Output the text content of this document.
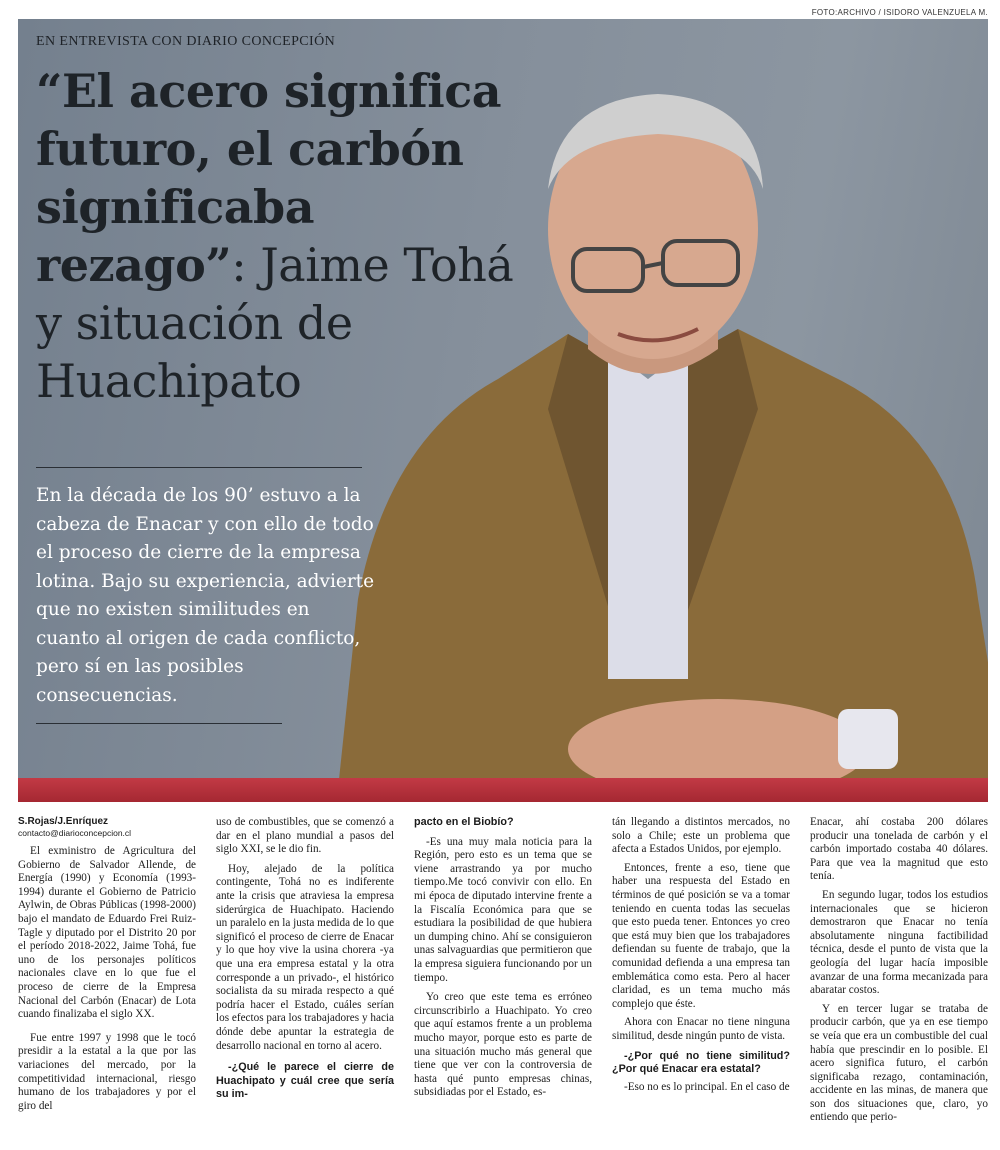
FOTO:ARCHIVO / ISIDORO VALENZUELA M.
EN ENTREVISTA CON DIARIO CONCEPCIÓN
“El acero significa
futuro, el carbón
significaba
rezago”: Jaime Tohá
y situación de
Huachipato
En la década de los 90’ estuvo a la cabeza de Enacar y con ello de todo el proceso de cierre de la empresa lotina. Bajo su experiencia, advierte que no existen similitudes en cuanto al origen de cada conflicto, pero sí en las posibles consecuencias.
S.Rojas/J.Enríquez
contacto@diarioconcepcion.cl

El exministro de Agricultura del Gobierno de Salvador Allende, de Energía (1990) y Economía (1993-1994) durante el Gobierno de Patricio Aylwin, de Obras Públicas (1998-2000) bajo el mandato de Eduardo Frei Ruiz-Tagle y diputado por el Distrito 20 por el período 2018-2022, Jaime Tohá, fue uno de los personajes políticos nacionales clave en lo que fue el proceso de cierre de la Empresa Nacional del Carbón (Enacar) de Lota cuando finalizaba el siglo XX.

Fue entre 1997 y 1998 que le tocó presidir a la estatal a la que por las variaciones del mercado, por la competitividad internacional, riesgo humano de los trabajadores y por el giro del

uso de combustibles, que se comenzó a dar en el plano mundial a pasos del siglo XXI, se le dio fin.

Hoy, alejado de la política contingente, Tohá no es indiferente ante la crisis que atraviesa la empresa siderúrgica de Huachipato. Haciendo un paralelo en la justa medida de lo que significó el proceso de cierre de Enacar y lo que hoy vive la usina chorera -ya que una era empresa estatal y la otra corresponde a un privado-, el histórico socialista da su mirada respecto a qué podría hacer el Estado, cuáles serían los efectos para los trabajadores y hacia dónde debe apuntar la estrategia de desarrollo nacional en torno al acero.

-¿Qué le parece el cierre de Huachipato y cuál cree que sería su im-

pacto en el Biobío?

-Es una muy mala noticia para la Región, pero esto es un tema que se viene arrastrando ya por mucho tiempo.Me tocó convivir con ello. En mi época de diputado intervine frente a la Fiscalía Económica para que se estudiara la posibilidad de que hubiera un dumping chino. Ahí se consiguieron unas salvaguardias que permitieron que la empresa siguiera funcionando por un tiempo.

Yo creo que este tema es erróneo circunscribirlo a Huachipato. Yo creo que aquí estamos frente a un problema mucho mayor, porque esto es parte de una situación mucho más general que tiene que ver con la controversia de hasta qué punto empresas chinas, subsidiadas por el Estado, es-

tán llegando a distintos mercados, no solo a Chile; este un problema que afecta a Estados Unidos, por ejemplo.

Entonces, frente a eso, tiene que haber una respuesta del Estado en términos de qué posición se va a tomar teniendo en cuenta todas las secuelas que esto pueda tener. Entonces yo creo que está muy bien que los trabajadores defiendan su fuente de trabajo, que la comunidad defienda a una empresa tan emblemática como esta. Pero al hacer claridad, es un tema mucho más complejo que éste.

Ahora con Enacar no tiene ninguna similitud, desde ningún punto de vista.

-¿Por qué no tiene similitud? ¿Por qué Enacar era estatal?

-Eso no es lo principal. En el caso de

Enacar, ahí costaba 200 dólares producir una tonelada de carbón y el carbón importado costaba 40 dólares. Para que vea la magnitud que esto tenía.

En segundo lugar, todos los estudios internacionales que se hicieron demostraron que Enacar no tenía absolutamente ninguna factibilidad técnica, desde el punto de vista que la geología del lugar hacía imposible avanzar de una forma mecanizada para abaratar costos.

Y en tercer lugar se trataba de producir carbón, que ya en ese tiempo se veía que era un combustible del cual había que prescindir en lo posible. El acero significa futuro, el carbón significaba rezago, contaminación, accidente en las minas, de manera que son dos situaciones que, claro, yo entiendo que perio-
